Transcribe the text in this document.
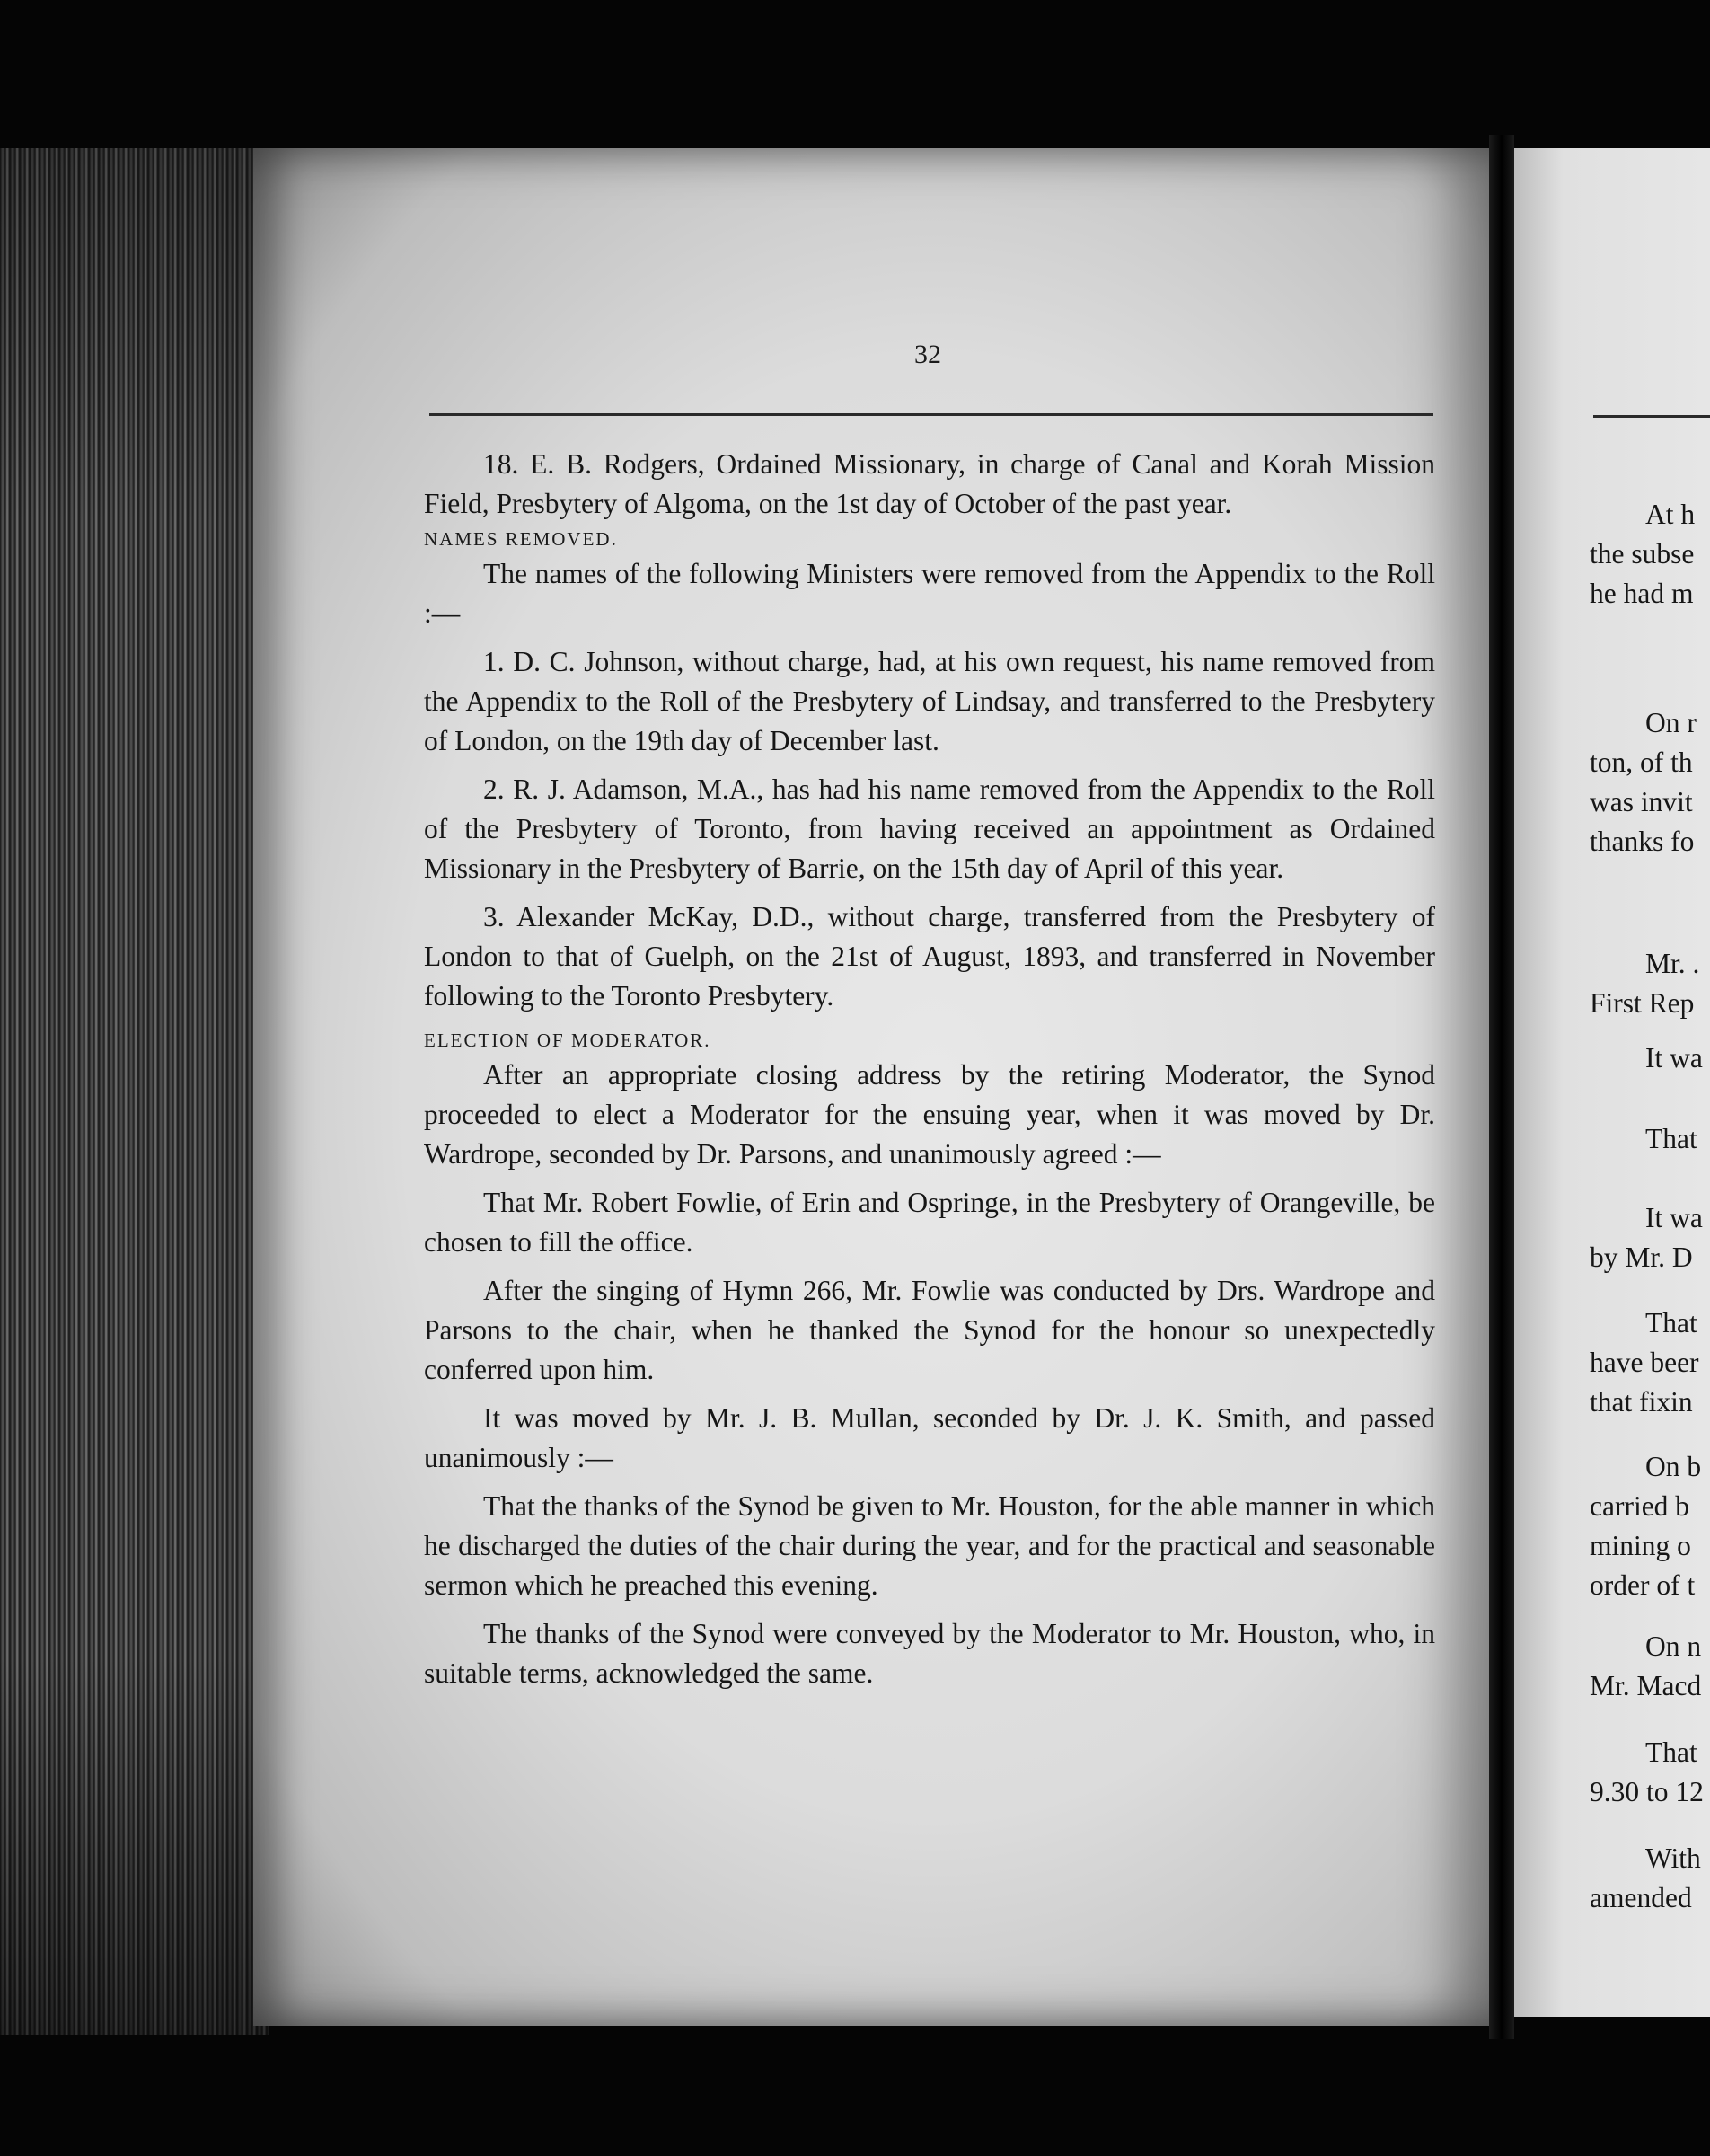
32

18. E. B. Rodgers, Ordained Missionary, in charge of Canal and Korah Mission Field, Presbytery of Algoma, on the 1st day of October of the past year.

NAMES REMOVED.

The names of the following Ministers were removed from the Appendix to the Roll :—

1. D. C. Johnson, without charge, had, at his own request, his name removed from the Appendix to the Roll of the Presbytery of Lindsay, and transferred to the Presbytery of London, on the 19th day of December last.

2. R. J. Adamson, M.A., has had his name removed from the Appendix to the Roll of the Presbytery of Toronto, from having received an appointment as Ordained Missionary in the Presbytery of Barrie, on the 15th day of April of this year.

3. Alexander McKay, D.D., without charge, transferred from the Presbytery of London to that of Guelph, on the 21st of August, 1893, and transferred in November following to the Toronto Presbytery.

ELECTION OF MODERATOR.

After an appropriate closing address by the retiring Moderator, the Synod proceeded to elect a Moderator for the ensuing year, when it was moved by Dr. Wardrope, seconded by Dr. Parsons, and unanimously agreed :—

That Mr. Robert Fowlie, of Erin and Ospringe, in the Presbytery of Orangeville, be chosen to fill the office.

After the singing of Hymn 266, Mr. Fowlie was conducted by Drs. Wardrope and Parsons to the chair, when he thanked the Synod for the honour so unexpectedly conferred upon him.

It was moved by Mr. J. B. Mullan, seconded by Dr. J. K. Smith, and passed unanimously :—

That the thanks of the Synod be given to Mr. Houston, for the able manner in which he discharged the duties of the chair during the year, and for the practical and seasonable sermon which he preached this evening.

The thanks of the Synod were conveyed by the Moderator to Mr. Houston, who, in suitable terms, acknowledged the same.

At h
the subse
he had m
On r
ton, of th
was invit
thanks fo
Mr. .
First Rep
It wa
That
It wa
by Mr. D
That
have beer
that fixin
On b
carried b
mining o
order of t
On n
Mr. Macd
That
9.30 to 12
With
amended
